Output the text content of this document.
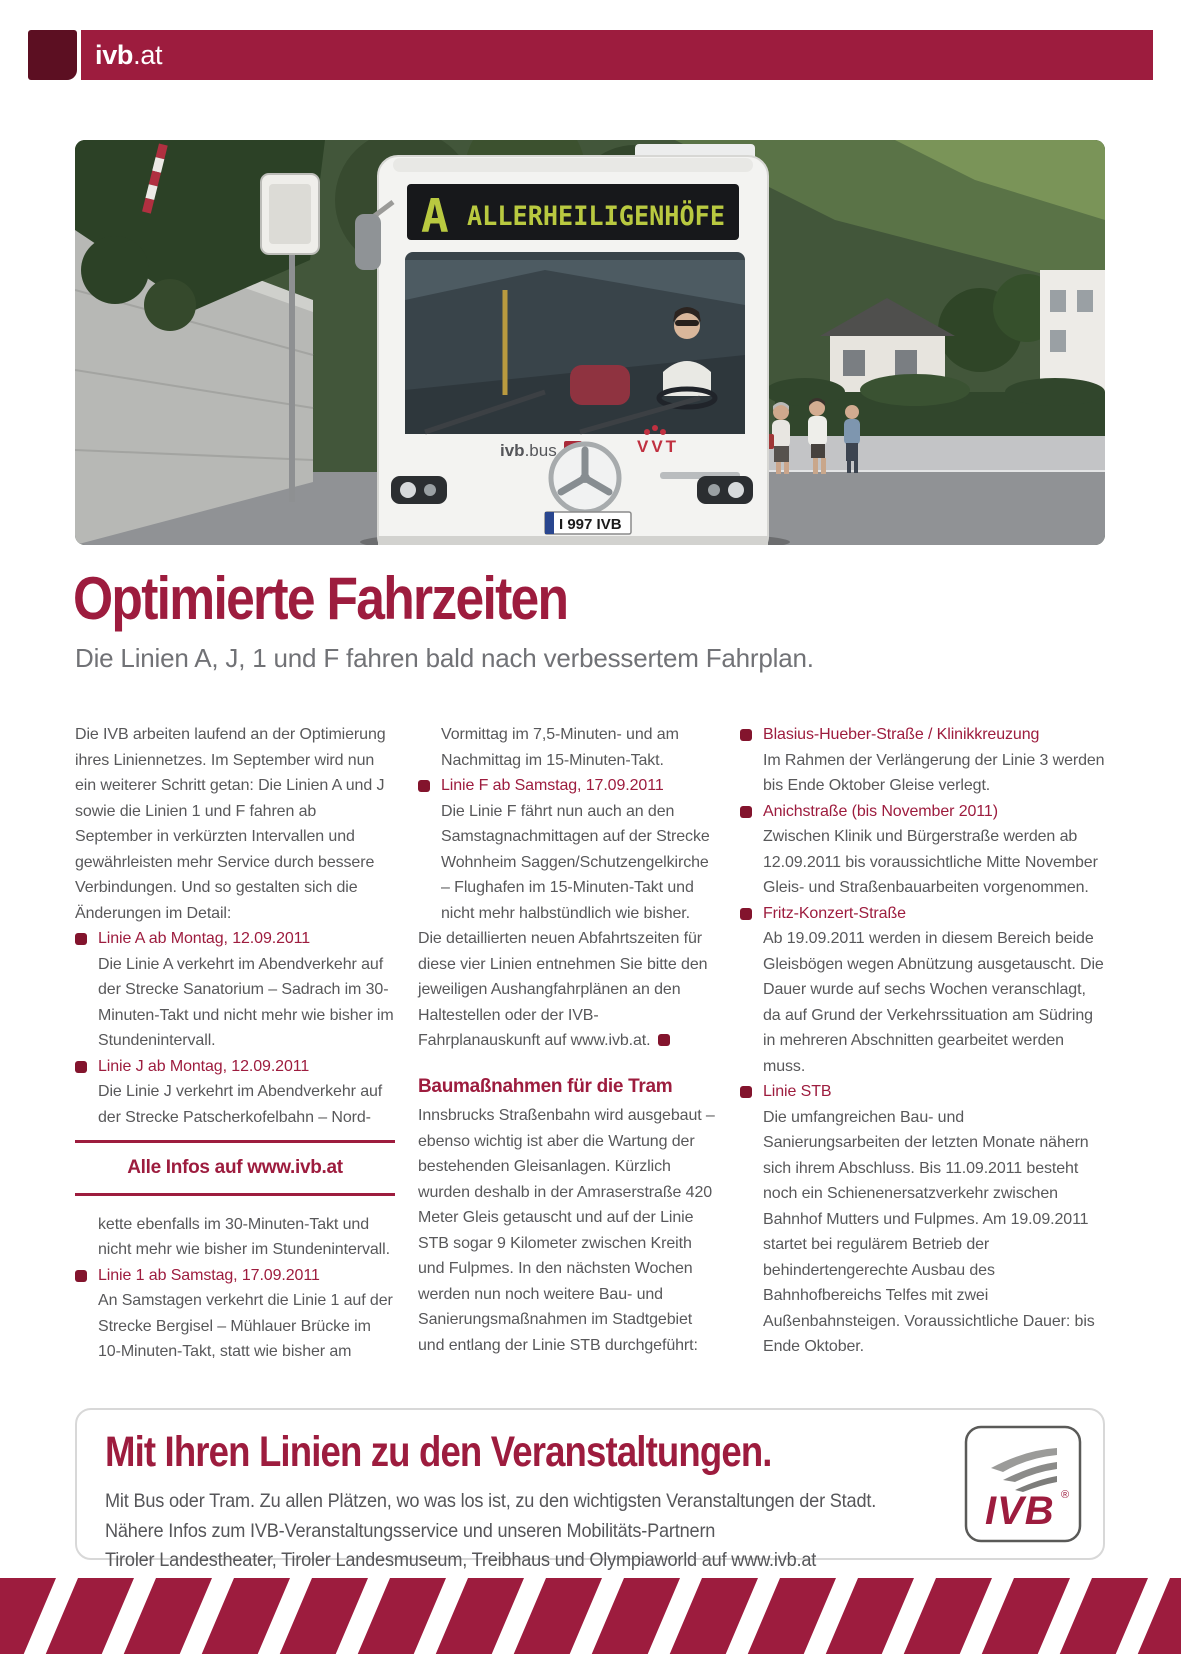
ivb.at
A ALLERHEILIGENHÖFE
ivb.bus	VVT
I 997 IVB
Optimierte Fahrzeiten

Die Linien A, J, 1 und F fahren bald nach verbessertem Fahrplan.

Die IVB arbeiten laufend an der Optimierung ihres Liniennetzes. Im September wird nun ein weiterer Schritt getan: Die Linien A und J sowie die Linien 1 und F fahren ab September in verkürzten Intervallen und gewährleisten mehr Service durch bessere Verbindungen. Und so gestalten sich die Änderungen im Detail:

Linie A ab Montag, 12.09.2011
Die Linie A verkehrt im Abendverkehr auf der Strecke Sanatorium – Sadrach im 30-Minuten-Takt und nicht mehr wie bisher im Stundenintervall.
Linie J ab Montag, 12.09.2011
Die Linie J verkehrt im Abendverkehr auf der Strecke Patscherkofelbahn – Nord-
Alle Infos auf www.ivb.at

kette ebenfalls im 30-Minuten-Takt und nicht mehr wie bisher im Stundenintervall.

Linie 1 ab Samstag, 17.09.2011
An Samstagen verkehrt die Linie 1 auf der Strecke Bergisel – Mühlauer Brücke im 10-Minuten-Takt, statt wie bisher am

Vormittag im 7,5-Minuten- und am Nachmittag im 15-Minuten-Takt.

Linie F ab Samstag, 17.09.2011
Die Linie F fährt nun auch an den Samstagnachmittagen auf der Strecke Wohnheim Saggen/Schutzengelkirche – Flughafen im 15-Minuten-Takt und nicht mehr halbstündlich wie bisher.

Die detaillierten neuen Abfahrtszeiten für diese vier Linien entnehmen Sie bitte den jeweiligen Aushangfahrplänen an den Haltestellen oder der IVB-Fahrplanauskunft auf www.ivb.at.

Baumaßnahmen für die Tram

Innsbrucks Straßenbahn wird ausgebaut – ebenso wichtig ist aber die Wartung der bestehenden Gleisanlagen. Kürzlich wurden deshalb in der Amraserstraße 420 Meter Gleis getauscht und auf der Linie STB sogar 9 Kilometer zwischen Kreith und Fulpmes. In den nächsten Wochen werden nun noch weitere Bau- und Sanierungsmaßnahmen im Stadtgebiet und entlang der Linie STB durchgeführt:

Blasius-Hueber-Straße / Klinikkreuzung
Im Rahmen der Verlängerung der Linie 3 werden bis Ende Oktober Gleise verlegt.
Anichstraße (bis November 2011)
Zwischen Klinik und Bürgerstraße werden ab 12.09.2011 bis voraussichtliche Mitte November Gleis- und Straßenbauarbeiten vorgenommen.
Fritz-Konzert-Straße
Ab 19.09.2011 werden in diesem Bereich beide Gleisbögen wegen Abnützung ausgetauscht. Die Dauer wurde auf sechs Wochen veranschlagt, da auf Grund der Verkehrssituation am Südring in mehreren Abschnitten gearbeitet werden muss.
Linie STB
Die umfangreichen Bau- und Sanierungsarbeiten der letzten Monate nähern sich ihrem Abschluss. Bis 11.09.2011 besteht noch ein Schienenersatzverkehr zwischen Bahnhof Mutters und Fulpmes. Am 19.09.2011 startet bei regulärem Betrieb der behindertengerechte Ausbau des Bahnhofbereichs Telfes mit zwei Außenbahnsteigen. Voraussichtliche Dauer: bis Ende Oktober.
Mit Ihren Linien zu den Veranstaltungen.
Mit Bus oder Tram. Zu allen Plätzen, wo was los ist, zu den wichtigsten Veranstaltungen der Stadt.
Nähere Infos zum IVB-Veranstaltungsservice und unseren Mobilitäts-Partnern
Tiroler Landestheater, Tiroler Landesmuseum, Treibhaus und Olympiaworld auf www.ivb.at
IVB ®
